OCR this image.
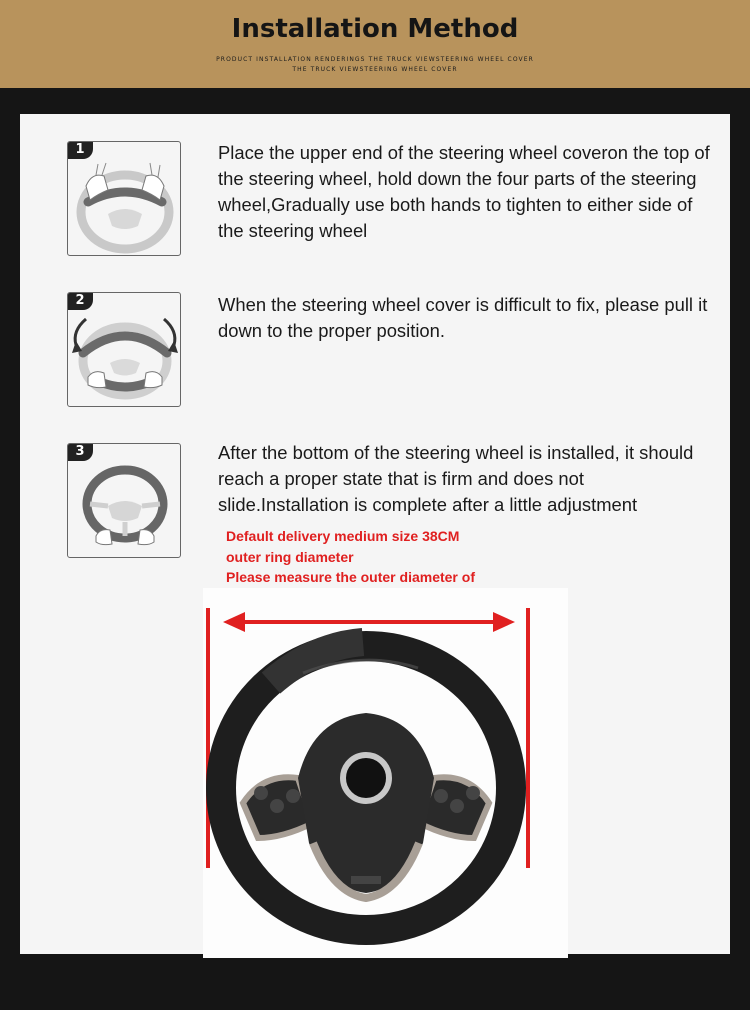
Installation Method
PRODUCT INSTALLATION RENDERINGS THE TRUCK VIEWSTEERING WHEEL COVER
THE TRUCK VIEWSTEERING WHEEL COVER
1	Place the upper end of the steering wheel coveron the top of the steering wheel, hold down the four parts of the steering wheel,Gradually use both hands to tighten to either side of the steering wheel

2	When the steering wheel cover is difficult to fix, please pull it down to the proper position.

3	After the bottom of the steering wheel is installed, it should reach a proper state that is firm and does not slide.Installation is complete after a little adjustment

Default delivery medium size 38CM
outer ring diameter
Please measure the outer diameter of
